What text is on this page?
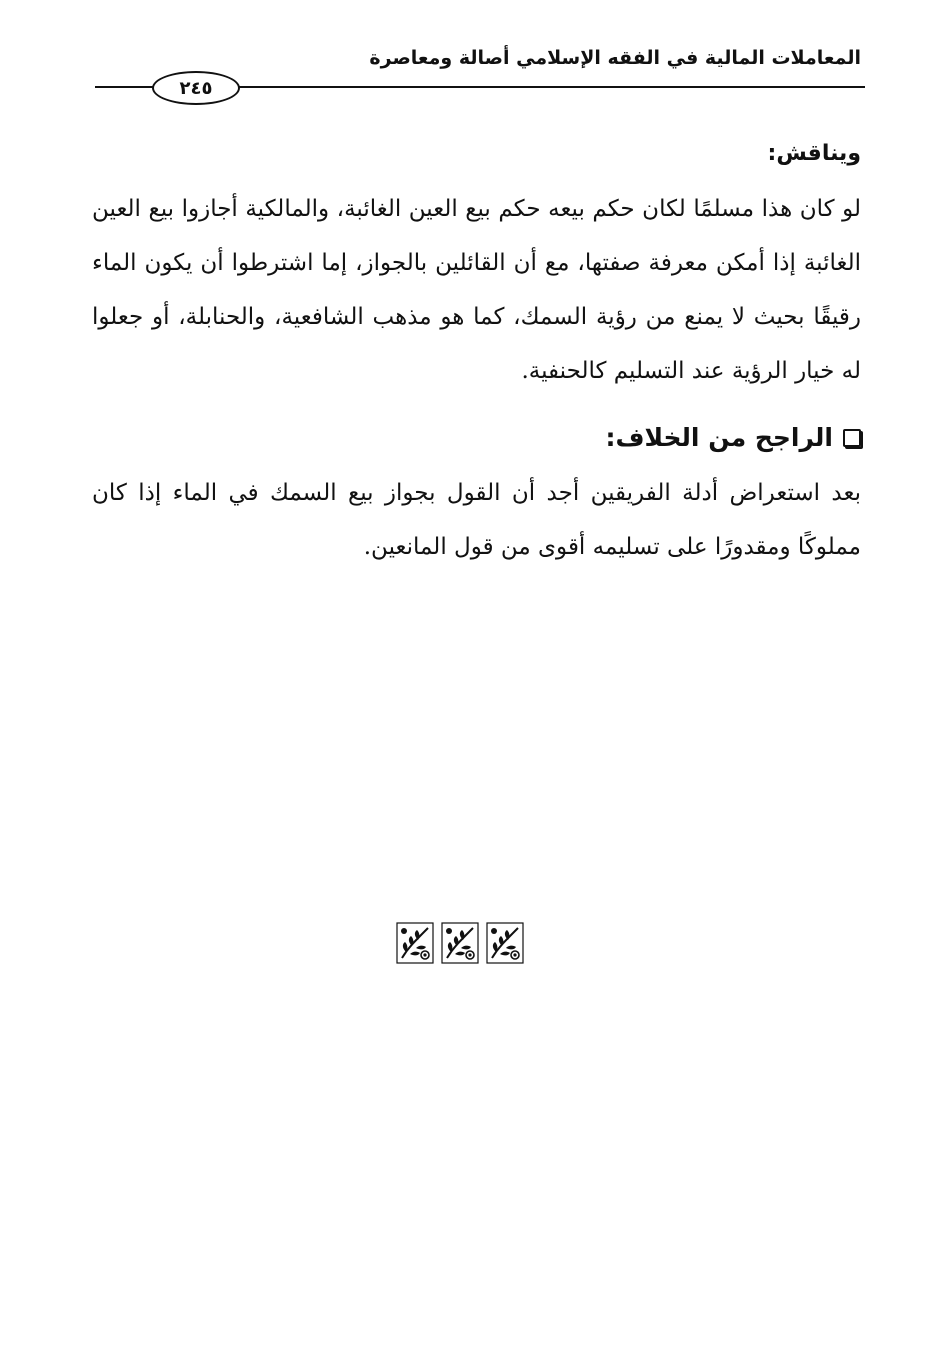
المعاملات المالية في الفقه الإسلامي أصالة ومعاصرة
٢٤٥
ويناقش:

لو كان هذا مسلمًا لكان حكم بيعه حكم بيع العين الغائبة، والمالكية أجازوا بيع العين الغائبة إذا أمكن معرفة صفتها، مع أن القائلين بالجواز، إما اشترطوا أن يكون الماء رقيقًا بحيث لا يمنع من رؤية السمك، كما هو مذهب الشافعية، والحنابلة، أو جعلوا له خيار الرؤية عند التسليم كالحنفية.

الراجح من الخلاف:

بعد استعراض أدلة الفريقين أجد أن القول بجواز بيع السمك في الماء إذا كان مملوكًا ومقدورًا على تسليمه أقوى من قول المانعين.
